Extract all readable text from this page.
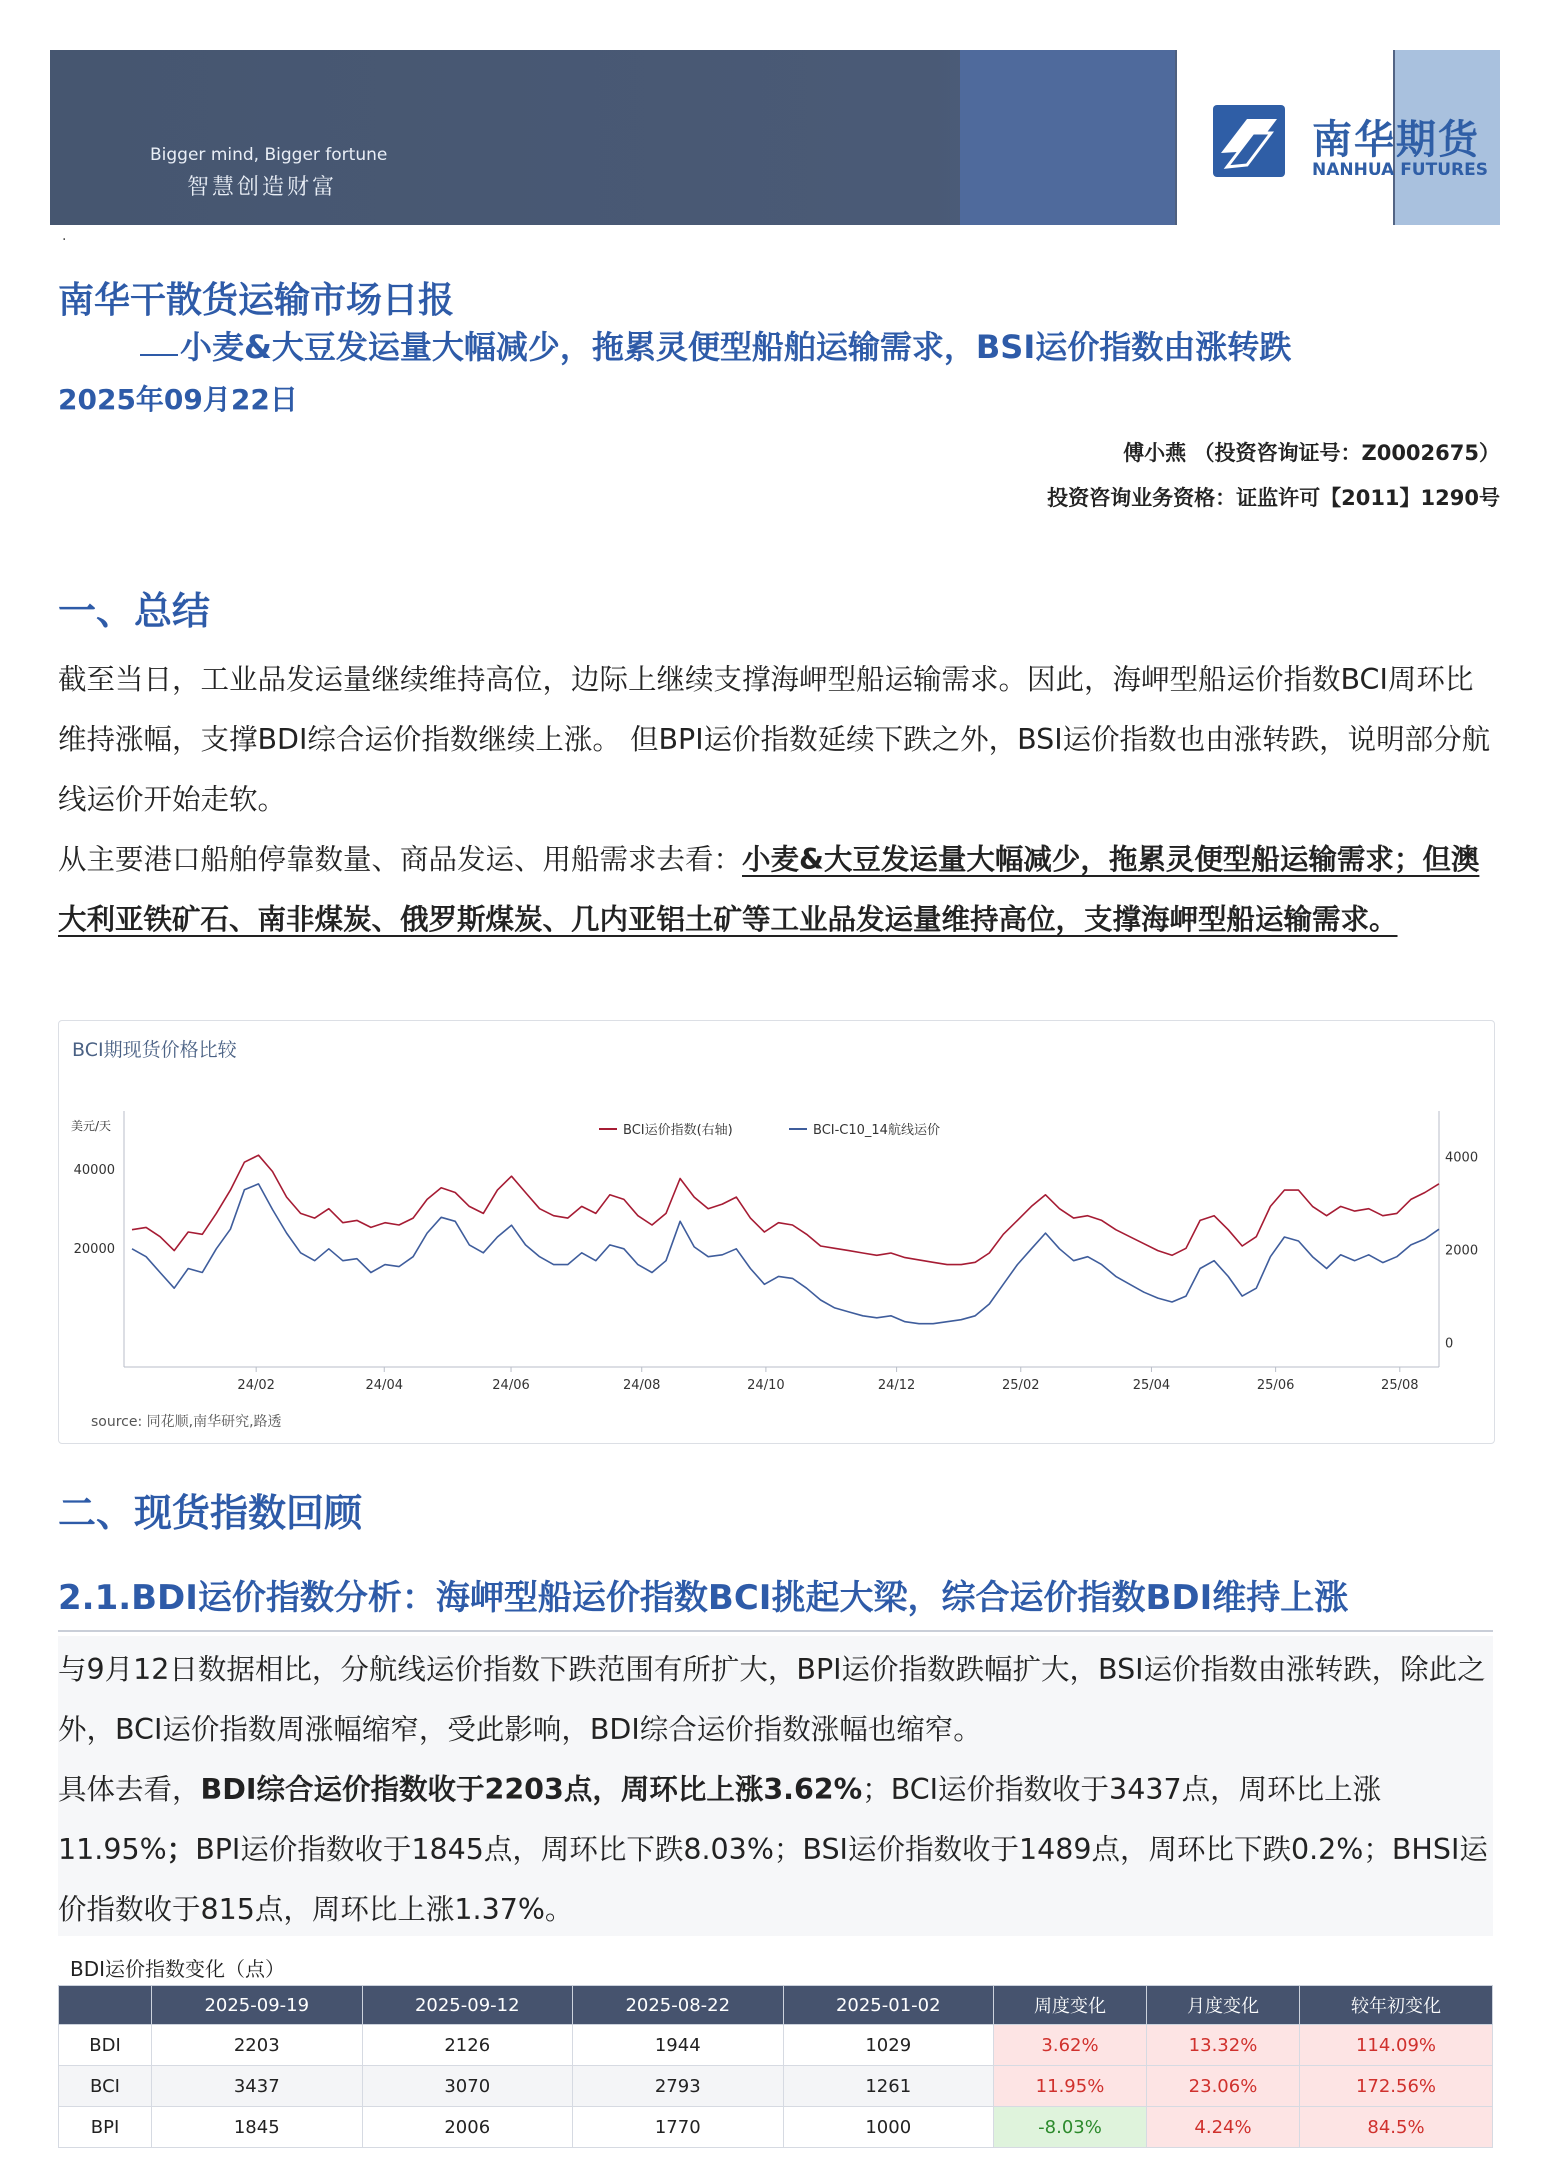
Bigger mind, Bigger fortune
智慧创造财富
南华期货
NANHUA FUTURES
.
南华干散货运输市场日报
小麦&大豆发运量大幅减少，拖累灵便型船舶运输需求，BSI运价指数由涨转跌
2025年09月22日
傅小燕 （投资咨询证号：Z0002675）
投资咨询业务资格：证监许可【2011】1290号
一、总结
截至当日，工业品发运量继续维持高位，边际上继续支撑海岬型船运输需求。因此，海岬型船运价指数BCI周环比维持涨幅，支撑BDI综合运价指数继续上涨。 但BPI运价指数延续下跌之外，BSI运价指数也由涨转跌，说明部分航线运价开始走软。
从主要港口船舶停靠数量、商品发运、用船需求去看：小麦&大豆发运量大幅减少，拖累灵便型船运输需求；但澳大利亚铁矿石、南非煤炭、俄罗斯煤炭、几内亚铝土矿等工业品发运量维持高位，支撑海岬型船运输需求。
BCI期现货价格比较
美元/天
40000
20000
4000
2000
0
24/02	24/04	24/06	24/08	24/10	24/12	25/02	25/04	25/06	25/08
BCI运价指数(右轴)	BCI-C10_14航线运价
source: 同花顺,南华研究,路透
二、现货指数回顾
2.1.BDI运价指数分析：海岬型船运价指数BCI挑起大梁，综合运价指数BDI维持上涨
与9月12日数据相比，分航线运价指数下跌范围有所扩大，BPI运价指数跌幅扩大，BSI运价指数由涨转跌，除此之外，BCI运价指数周涨幅缩窄，受此影响，BDI综合运价指数涨幅也缩窄。
具体去看，BDI综合运价指数收于2203点，周环比上涨3.62%；BCI运价指数收于3437点，周环比上涨11.95%；BPI运价指数收于1845点，周环比下跌8.03%；BSI运价指数收于1489点，周环比下跌0.2%；BHSI运价指数收于815点，周环比上涨1.37%。
BDI运价指数变化（点）
	2025-09-19	2025-09-12	2025-08-22	2025-01-02	周度变化	月度变化	较年初变化
BDI	2203	2126	1944	1029	3.62%	13.32%	114.09%
BCI	3437	3070	2793	1261	11.95%	23.06%	172.56%
BPI	1845	2006	1770	1000	-8.03%	4.24%	84.5%
